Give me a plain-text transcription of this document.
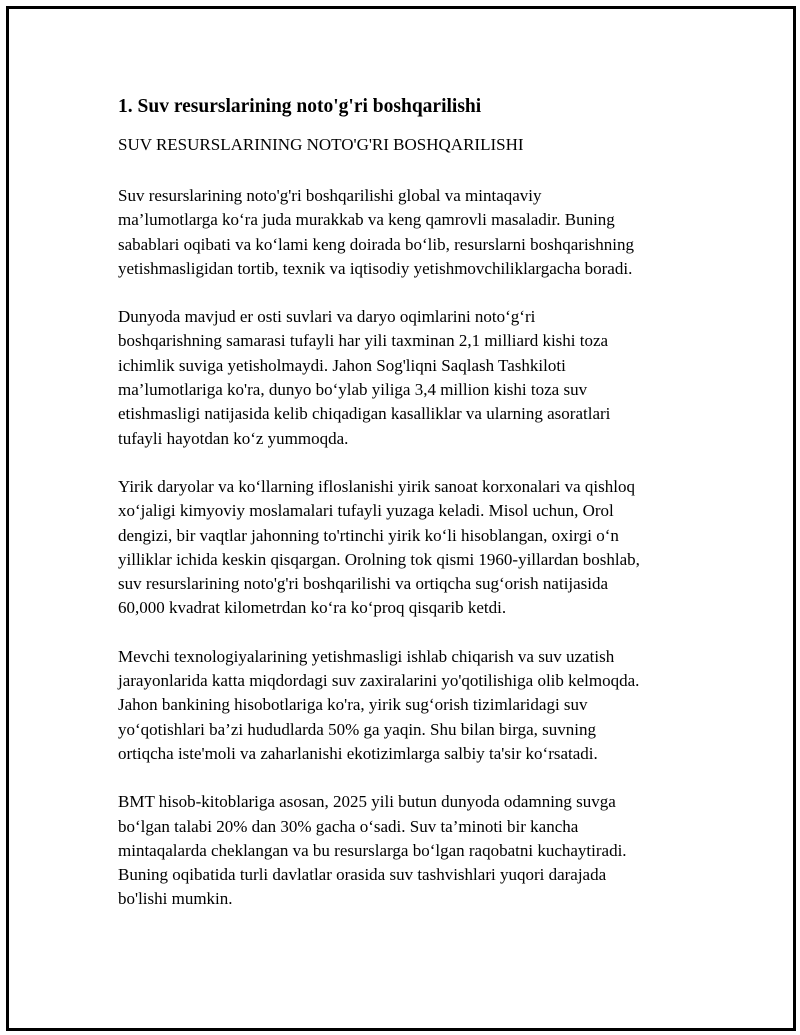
1. Suv resurslarining noto'g'ri boshqarilishi
SUV RESURSLARINING NOTO'G'RI BOSHQARILISHI
Suv resurslarining noto'g'ri boshqarilishi global va mintaqaviy
ma’lumotlarga ko‘ra juda murakkab va keng qamrovli masaladir. Buning
sabablari oqibati va ko‘lami keng doirada bo‘lib, resurslarni boshqarishning
yetishmasligidan tortib, texnik va iqtisodiy yetishmovchiliklargacha boradi.
Dunyoda mavjud er osti suvlari va daryo oqimlarini noto‘g‘ri
boshqarishning samarasi tufayli har yili taxminan 2,1 milliard kishi toza
ichimlik suviga yetisholmaydi. Jahon Sog'liqni Saqlash Tashkiloti
ma’lumotlariga ko'ra, dunyo bo‘ylab yiliga 3,4 million kishi toza suv
etishmasligi natijasida kelib chiqadigan kasalliklar va ularning asoratlari
tufayli hayotdan ko‘z yummoqda.
Yirik daryolar va ko‘llarning ifloslanishi yirik sanoat korxonalari va qishloq
xo‘jaligi kimyoviy moslamalari tufayli yuzaga keladi. Misol uchun, Orol
dengizi, bir vaqtlar jahonning to'rtinchi yirik ko‘li hisoblangan, oxirgi o‘n
yilliklar ichida keskin qisqargan. Orolning tok qismi 1960-yillardan boshlab,
suv resurslarining noto'g'ri boshqarilishi va ortiqcha sug‘orish natijasida
60,000 kvadrat kilometrdan ko‘ra ko‘proq qisqarib ketdi.
Mevchi texnologiyalarining yetishmasligi ishlab chiqarish va suv uzatish
jarayonlarida katta miqdordagi suv zaxiralarini yo'qotilishiga olib kelmoqda.
Jahon bankining hisobotlariga ko'ra, yirik sug‘orish tizimlaridagi suv
yo‘qotishlari ba’zi hududlarda 50% ga yaqin. Shu bilan birga, suvning
ortiqcha iste'moli va zaharlanishi ekotizimlarga salbiy ta'sir ko‘rsatadi.
BMT hisob-kitoblariga asosan, 2025 yili butun dunyoda odamning suvga
bo‘lgan talabi 20% dan 30% gacha o‘sadi. Suv ta’minoti bir kancha
mintaqalarda cheklangan va bu resurslarga bo‘lgan raqobatni kuchaytiradi.
Buning oqibatida turli davlatlar orasida suv tashvishlari yuqori darajada
bo'lishi mumkin.
